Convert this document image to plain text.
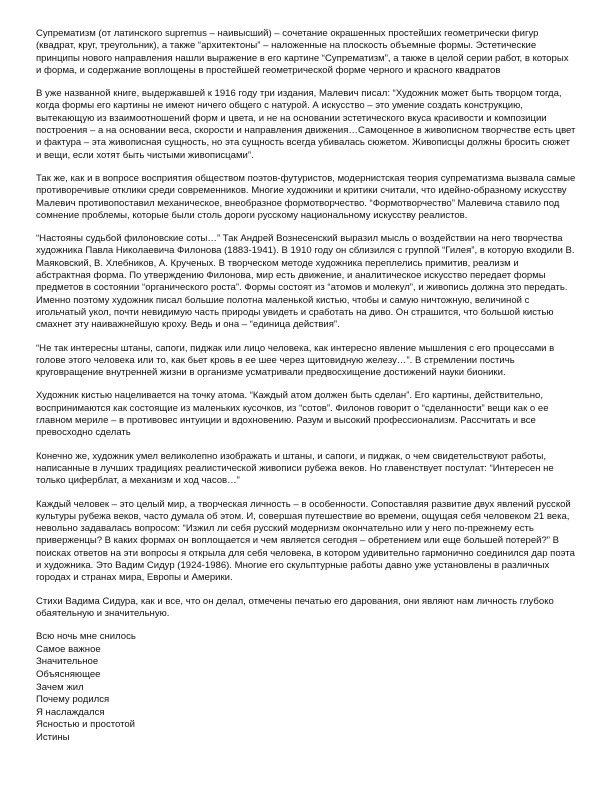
Супрематизм (от латинского supremus – наивысший) – сочетание окрашенных простейших геометрически фигур (квадрат, круг, треугольник), а также “архитектоны” – наложенные на плоскость объемные формы. Эстетические принципы нового направления нашли выражение в его картине “Супрематизм”, а также в целой серии работ, в которых и форма, и содержание воплощены в простейшей геометрической форме черного и красного квадратов

В уже названной книге, выдержавшей к 1916 году три издания, Малевич писал: “Художник может быть творцом тогда, когда формы его картины не имеют ничего общего с натурой. А искусство – это умение создать конструкцию, вытекающую из взаимоотношений форм и цвета, и не на основании эстетического вкуса красивости и композиции построения – а на основании веса, скорости и направления движения…Самоценное в живописном творчестве есть цвет и фактура – эта живописная сущность, но эта сущность всегда убивалась сюжетом. Живописцы должны бросить сюжет и вещи, если хотят быть чистыми живописцами”.

Так же, как и в вопросе восприятия обществом поэтов-футуристов, модернистская теория супрематизма вызвала самые противоречивые отклики среди современников. Многие художники и критики считали, что идейно-образному искусству Малевич противопоставил механическое, внеобразное формотворчество. “Формотворчество” Малевича ставило под сомнение проблемы, которые были столь дороги русскому национальному искусству реалистов.

“Настояны судьбой филоновские соты…” Так Андрей Вознесенский выразил мысль о воздействии на него творчества художника Павла Николаевича Филонова (1883-1941). В 1910 году он сблизился с группой “Гилея”, в которую входили В. Маяковский, В. Хлебников, А. Крученых. В творческом методе художника переплелись примитив, реализм и абстрактная форма. По утверждению Филонова, мир есть движение, и аналитическое искусство передает формы предметов в состоянии “органического роста”. Формы состоят из “атомов и молекул”, и живопись должна это передать. Именно поэтому художник писал большие полотна маленькой кистью, чтобы и самую ничтожную, величиной с игольчатый укол, почти невидимую часть природы увидеть и сработать на диво. Он страшится, что большой кистью смахнет эту наиважнейшую кроху. Ведь и она – “единица действия”.

“Не так интересны штаны, сапоги, пиджак или лицо человека, как интересно явление мышления с его процессами в голове этого человека или то, как бьет кровь в ее шее через щитовидную железу…”. В стремлении постичь круговращение внутренней жизни в организме усматривали предвосхищение достижений науки бионики.

Художник кистью нацеливается на точку атома. “Каждый атом должен быть сделан”. Его картины, действительно, воспринимаются как состоящие из маленьких кусочков, из “сотов”. Филонов говорит о “сделанности” вещи как о ее главном мериле – в противовес интуиции и вдохновению. Разум и высокий профессионализм. Рассчитать и все превосходно сделать

Конечно же, художник умел великолепно изображать и штаны, и сапоги, и пиджак, о чем свидетельствуют работы, написанные в лучших традициях реалистической живописи рубежа веков. Но главенствует постулат: “Интересен не только циферблат, а механизм и ход часов…”

Каждый человек – это целый мир, а творческая личность – в особенности. Сопоставляя развитие двух явлений русской культуры рубежа веков, часто думала об этом. И, совершая путешествие во времени, ощущая себя человеком 21 века, невольно задавалась вопросом: “Изжил ли себя русский модернизм окончательно или у него по-прежнему есть приверженцы? В каких формах он воплощается и чем является сегодня – обретением или еще большей потерей?” В поисках ответов на эти вопросы я открыла для себя человека, в котором удивительно гармонично соединился дар поэта и художника. Это Вадим Сидур (1924-1986). Многие его скульптурные работы давно уже установлены в различных городах и странах мира, Европы и Америки.

Стихи Вадима Сидура, как и все, что он делал, отмечены печатью его дарования, они являют нам личность глубоко обаятельную и значительную.

Всю ночь мне снилось
Самое важное
Значительное
Объясняющее
Зачем жил
Почему родился
Я наслаждался
Ясностью и простотой
Истины
